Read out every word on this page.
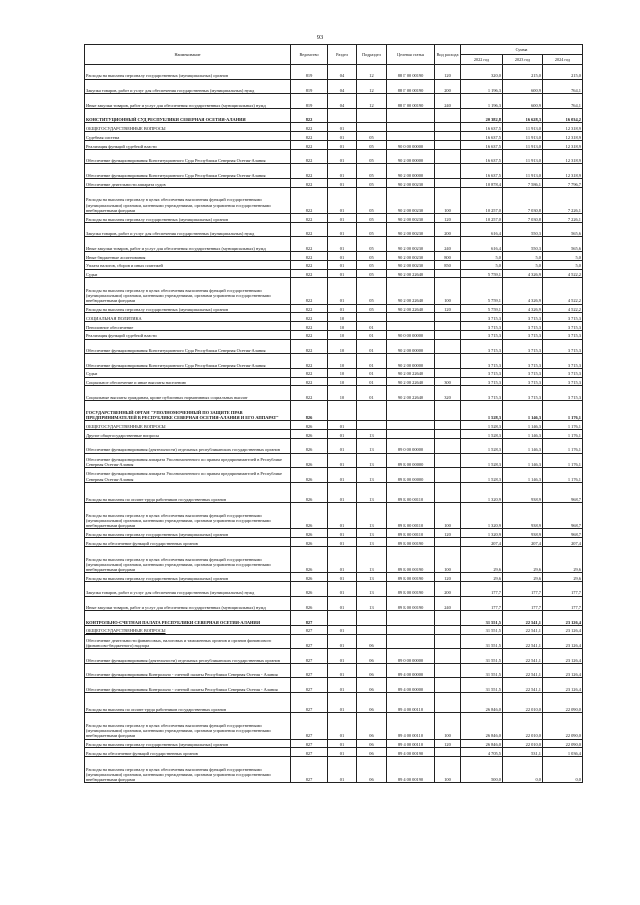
93
Наименование	Ведомство	Раздел	Подраздел	Целевая статья	Вид расхода	Сумма		
						2022 год	2023 год	2024 год
Расходы на выплаты персоналу государственных (муниципальных) органов	819	04	12	88 Г 00 00190	120	320,0	215,0	215,0
Закупка товаров, работ и услуг для обеспечения государственных (муниципальных) нужд	819	04	12	88 Г 00 00190	200	1 196,3	600,9	764,1
Иные закупки товаров, работ и услуг для обеспечения государственных (муниципальных) нужд	819	04	12	88 Г 00 00190	240	1 196,3	600,9	764,1
КОНСТИТУЦИОННЫЙ СУД РЕСПУБЛИКИ СЕВЕРНАЯ ОСЕТИЯ-АЛАНИЯ	822					20 382,8	16 628,3	16 034,2
ОБЩЕГОСУДАРСТВЕННЫЕ ВОПРОСЫ	822	01				16 637,5	11 913,0	12 318,9
Судебная система	822	01	05			16 637,5	11 913,0	12 318,9
Реализация функций судебной власти	822	01	05	90 0 00 00000		16 637,5	11 913,0	12 318,9
Обеспечение функционирования Конституционного Суда Республики Северная Осетия-Алания	822	01	05	90 2 00 00000		16 637,5	11 913,0	12 318,9
Обеспечение функционирования Конституционного Суда Республики Северная Осетия-Алания	822	01	05	90 2 00 00000		16 637,5	11 913,0	12 318,9
Обеспечение деятельности аппарата судов	822	01	05	90 2 00 00230		10 878,4	7 586,1	7 796,7
Расходы на выплаты персоналу в целях обеспечения выполнения функций государственными (муниципальными) органами, казенными учреждениями, органами управления государственными внебюджетными фондами	822	01	05	90 2 00 00230	100	10 257,0	7 030,8	7 226,1
Расходы на выплаты персоналу государственных (муниципальных) органов	822	01	05	90 2 00 00230	120	10 257,0	7 030,8	7 226,1
Закупка товаров, работ и услуг для обеспечения государственных (муниципальных) нужд	822	01	05	90 2 00 00230	200	616,4	550,3	565,6
Иные закупки товаров, работ и услуг для обеспечения государственных (муниципальных) нужд	822	01	05	90 2 00 00230	240	616,4	550,3	565,6
Иные бюджетные ассигнования	822	01	05	90 2 00 00230	800	5,0	5,0	5,0
Уплата налогов, сборов и иных платежей	822	01	05	90 2 00 00230	850	5,0	5,0	5,0
Судьи	822	01	05	90 2 00 22640		5 759,1	4 326,9	4 522,2
Расходы на выплаты персоналу в целях обеспечения выполнения функций государственными (муниципальными) органами, казенными учреждениями, органами управления государственными внебюджетными фондами	822	01	05	90 2 00 22640	100	5 759,1	4 326,9	4 522,2
Расходы на выплаты персоналу государственных (муниципальных) органов	822	01	05	90 2 00 22640	120	5 759,1	4 326,9	4 522,2
СОЦИАЛЬНАЯ ПОЛИТИКА	822	10				3 715,3	3 715,3	3 715,3
Пенсионное обеспечение	822	10	01			3 715,3	3 715,3	3 715,3
Реализация функций судебной власти	822	10	01	90 0 00 00000		3 715,3	3 715,3	3 715,3
Обеспечение функционирования Конституционного Суда Республики Северная Осетия-Алания	822	10	01	90 2 00 00000		3 715,3	3 715,3	3 715,3
Обеспечение функционирования Конституционного Суда Республики Северная Осетия-Алания	822	10	01	90 2 00 00000		3 715,3	3 715,3	3 715,3
Судьи	822	10	01	90 2 00 22640		3 715,3	3 715,3	3 715,3
Социальное обеспечение и иные выплаты населению	822	10	01	90 2 00 22640	300	3 715,3	3 715,3	3 715,3
Социальные выплаты гражданам, кроме публичных нормативных социальных выплат	822	10	01	90 2 00 22640	320	3 715,3	3 715,3	3 715,3
ГОСУДАРСТВЕННЫЙ ОРГАН "УПОЛНОМОЧЕННЫЙ ПО ЗАЩИТЕ ПРАВ ПРЕДПРИНИМАТЕЛЕЙ В РЕСПУБЛИКЕ СЕВЕРНАЯ ОСЕТИЯ-АЛАНИЯ И ЕГО АППАРАТ"	826					1 528,3	1 146,3	1 176,1
ОБЩЕГОСУДАРСТВЕННЫЕ ВОПРОСЫ	826	01				1 528,3	1 146,3	1 176,1
Другие общегосударственные вопросы	826	01	13			1 528,3	1 146,3	1 176,1
Обеспечение функционирования (деятельности) отдельных республиканских государственных органов	826	01	13	89 0 00 00000		1 528,3	1 146,3	1 176,1
Обеспечение функционирования аппарата Уполномоченного по правам предпринимателей в Республике Северная Осетия-Алания	826	01	13	89 Б 00 00000		1 528,3	1 146,3	1 176,1
Обеспечение функционирования аппарата Уполномоченного по правам предпринимателей в Республике Северная Осетия-Алания	826	01	13	89 Б 00 00000		1 528,3	1 146,3	1 176,1
Расходы на выплаты по оплате труда работников государственных органов	826	01	13	89 Б 00 00110		1 320,9	938,9	968,7
Расходы на выплаты персоналу в целях обеспечения выполнения функций государственными (муниципальными) органами, казенными учреждениями, органами управления государственными внебюджетными фондами	826	01	13	89 Б 00 00110	100	1 320,9	938,9	968,7
Расходы на выплаты персоналу государственных (муниципальных) органов	826	01	13	89 Б 00 00110	120	1 320,9	938,9	968,7
Расходы на обеспечение функций государственных органов	826	01	13	89 Б 00 00190		207,4	207,4	207,4
Расходы на выплаты персоналу в целях обеспечения выполнения функций государственными (муниципальными) органами, казенными учреждениями, органами управления государственными внебюджетными фондами	826	01	13	89 Б 00 00190	100	29,6	29,6	29,6
Расходы на выплаты персоналу государственных (муниципальных) органов	826	01	13	89 Б 00 00190	120	29,6	29,6	29,6
Закупка товаров, работ и услуг для обеспечения государственных (муниципальных) нужд	826	01	13	89 Б 00 00190	200	177,7	177,7	177,7
Иные закупки товаров, работ и услуг для обеспечения государственных (муниципальных) нужд	826	01	13	89 Б 00 00190	240	177,7	177,7	177,7
КОНТРОЛЬНО-СЧЕТНАЯ ПАЛАТА РЕСПУБЛИКИ СЕВЕРНАЯ ОСЕТИЯ-АЛАНИЯ	827					31 551,5	22 541,1	23 126,4
ОБЩЕГОСУДАРСТВЕННЫЕ ВОПРОСЫ	827	01				31 551,5	22 541,1	23 126,4
Обеспечение деятельности финансовых, налоговых и таможенных органов и органов финансового (финансово-бюджетного) надзора	827	01	06			31 551,5	22 541,1	23 126,4
Обеспечение функционирования (деятельности) отдельных республиканских государственных органов	827	01	06	89 0 00 00000		31 551,5	22 541,1	23 126,4
Обеспечение функционирования Контрольно - счетной палаты Республики Северная Осетия - Алания	827	01	06	89 4 00 00000		31 551,5	22 541,1	23 126,4
Обеспечение функционирования Контрольно - счетной палаты Республики Северная Осетия - Алания	827	01	06	89 4 00 00000		31 551,5	22 541,1	23 126,4
Расходы на выплаты по оплате труда работников государственных органов	827	01	06	89 4 00 00110		26 846,0	22 010,0	22 090,0
Расходы на выплаты персоналу в целях обеспечения выполнения функций государственными (муниципальными) органами, казенными учреждениями, органами управления государственными внебюджетными фондами	827	01	06	89 4 00 00110	100	26 846,0	22 010,0	22 090,0
Расходы на выплаты персоналу государственных (муниципальных) органов	827	01	06	89 4 00 00110	120	26 846,0	22 010,0	22 090,0
Расходы на обеспечение функций государственных органов	827	01	06	89 4 00 00190		4 705,5	531,1	1 036,4
Расходы на выплаты персоналу в целях обеспечения выполнения функций государственными (муниципальными) органами, казенными учреждениями, органами управления государственными внебюджетными фондами	827	01	06	89 4 00 00190	100	500,0	0,0	0,0
